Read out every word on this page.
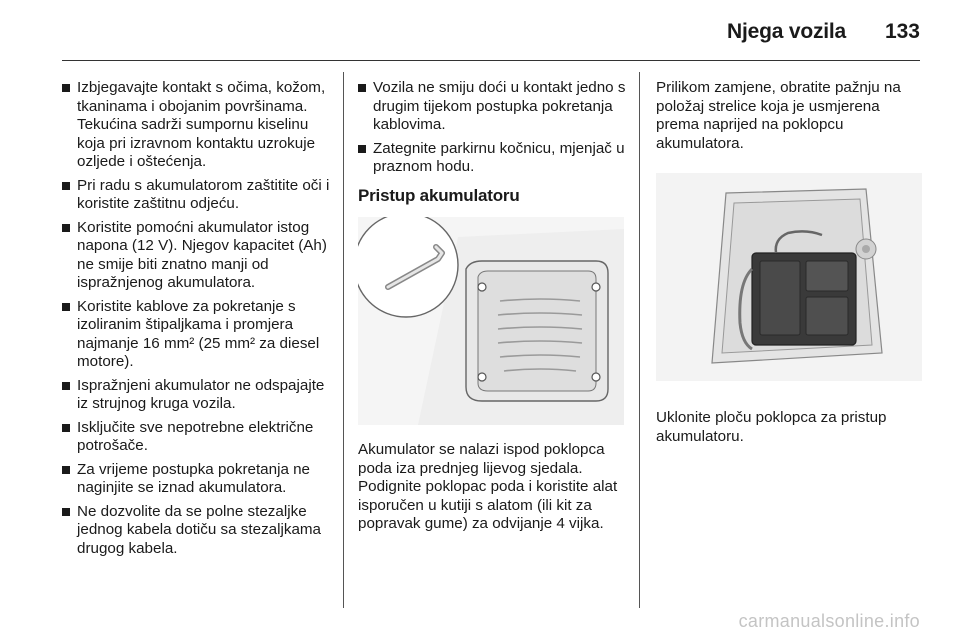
Njega vozila 133
Izbjegavajte kontakt s očima, kožom, tkaninama i obojanim površinama. Tekućina sadrži sumpornu kiselinu koja pri izravnom kontaktu uzrokuje ozljede i oštećenja.
Pri radu s akumulatorom zaštitite oči i koristite zaštitnu odjeću.
Koristite pomoćni akumulator istog napona (12 V). Njegov kapacitet (Ah) ne smije biti znatno manji od ispražnjenog akumulatora.
Koristite kablove za pokretanje s izoliranim štipaljkama i promjera najmanje 16 mm² (25 mm² za diesel motore).
Ispražnjeni akumulator ne odspajajte iz strujnog kruga vozila.
Isključite sve nepotrebne električne potrošače.
Za vrijeme postupka pokretanja ne naginjite se iznad akumulatora.
Ne dozvolite da se polne stezaljke jednog kabela dotiču sa stezaljkama drugog kabela.
Vozila ne smiju doći u kontakt jedno s drugim tijekom postupka pokretanja kablovima.
Zategnite parkirnu kočnicu, mjenjač u praznom hodu.
Pristup akumulatoru
Akumulator se nalazi ispod poklopca poda iza prednjeg lijevog sjedala. Podignite poklopac poda i koristite alat isporučen u kutiji s alatom (ili kit za popravak gume) za odvijanje 4 vijka.
Prilikom zamjene, obratite pažnju na položaj strelice koja je usmjerena prema naprijed na poklopcu akumulatora.
Uklonite ploču poklopca za pristup akumulatoru.
carmanualsonline.info
